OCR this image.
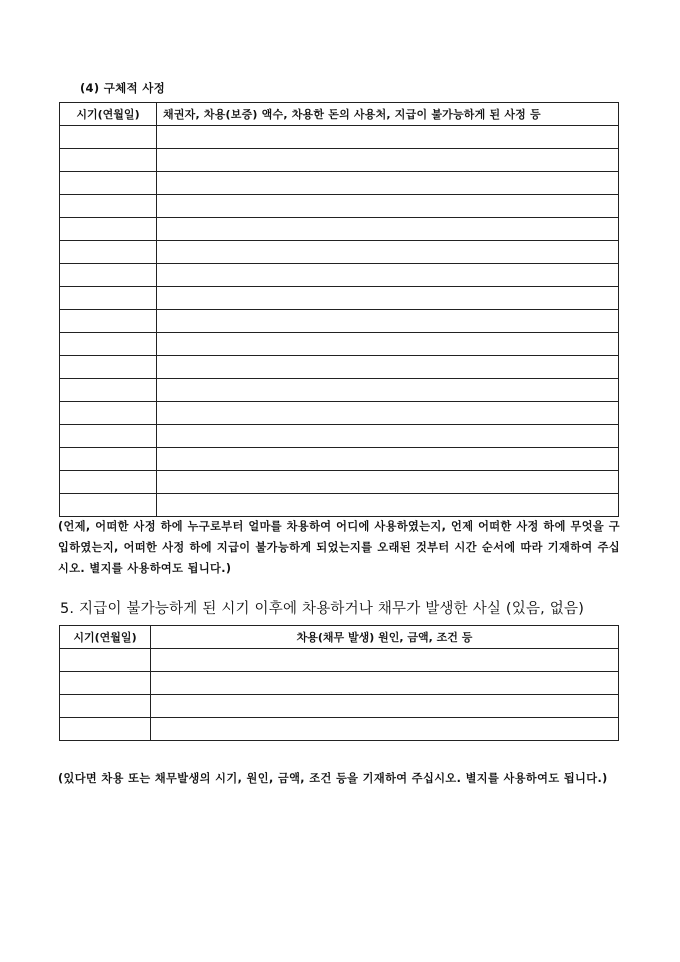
(4) 구체적 사정
시기(연월일)	채권자, 차용(보증) 액수, 차용한 돈의 사용처, 지급이 불가능하게 된 사정 등

(언제, 어떠한 사정 하에 누구로부터 얼마를 차용하여 어디에 사용하였는지, 언제 어떠한 사정 하에 무엇을 구입하였는지, 어떠한 사정 하에 지급이 불가능하게 되었는지를 오래된 것부터 시간 순서에 따라 기재하여 주십시오. 별지를 사용하여도 됩니다.)
5. 지급이 불가능하게 된 시기 이후에 차용하거나 채무가 발생한 사실 (있음, 없음)
시기(연월일)	차용(채무 발생) 원인, 금액, 조건 등

(있다면 차용 또는 채무발생의 시기, 원인, 금액, 조건 등을 기재하여 주십시오. 별지를 사용하여도 됩니다.)
